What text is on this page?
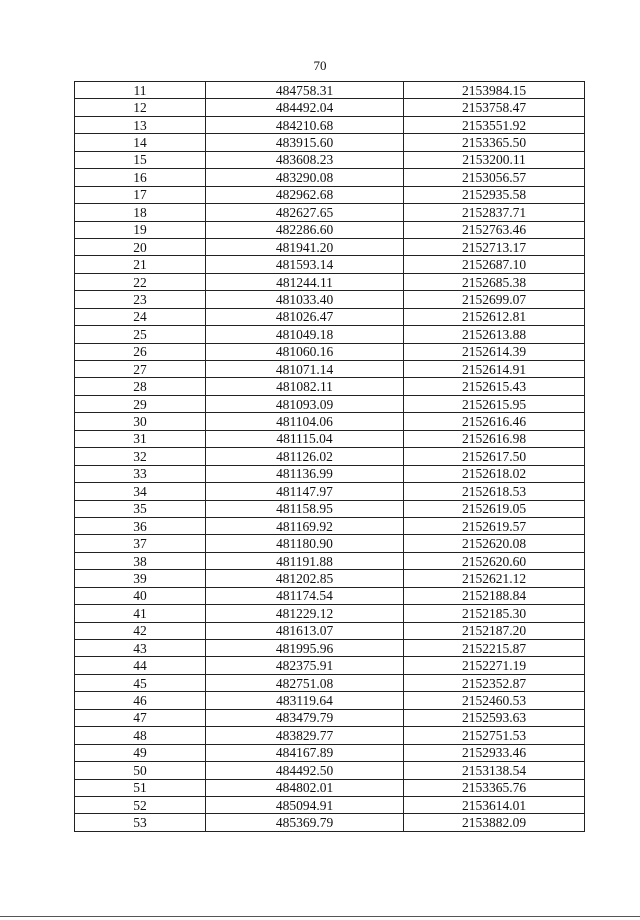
70
11	484758.31	2153984.15
12	484492.04	2153758.47
13	484210.68	2153551.92
14	483915.60	2153365.50
15	483608.23	2153200.11
16	483290.08	2153056.57
17	482962.68	2152935.58
18	482627.65	2152837.71
19	482286.60	2152763.46
20	481941.20	2152713.17
21	481593.14	2152687.10
22	481244.11	2152685.38
23	481033.40	2152699.07
24	481026.47	2152612.81
25	481049.18	2152613.88
26	481060.16	2152614.39
27	481071.14	2152614.91
28	481082.11	2152615.43
29	481093.09	2152615.95
30	481104.06	2152616.46
31	481115.04	2152616.98
32	481126.02	2152617.50
33	481136.99	2152618.02
34	481147.97	2152618.53
35	481158.95	2152619.05
36	481169.92	2152619.57
37	481180.90	2152620.08
38	481191.88	2152620.60
39	481202.85	2152621.12
40	481174.54	2152188.84
41	481229.12	2152185.30
42	481613.07	2152187.20
43	481995.96	2152215.87
44	482375.91	2152271.19
45	482751.08	2152352.87
46	483119.64	2152460.53
47	483479.79	2152593.63
48	483829.77	2152751.53
49	484167.89	2152933.46
50	484492.50	2153138.54
51	484802.01	2153365.76
52	485094.91	2153614.01
53	485369.79	2153882.09
